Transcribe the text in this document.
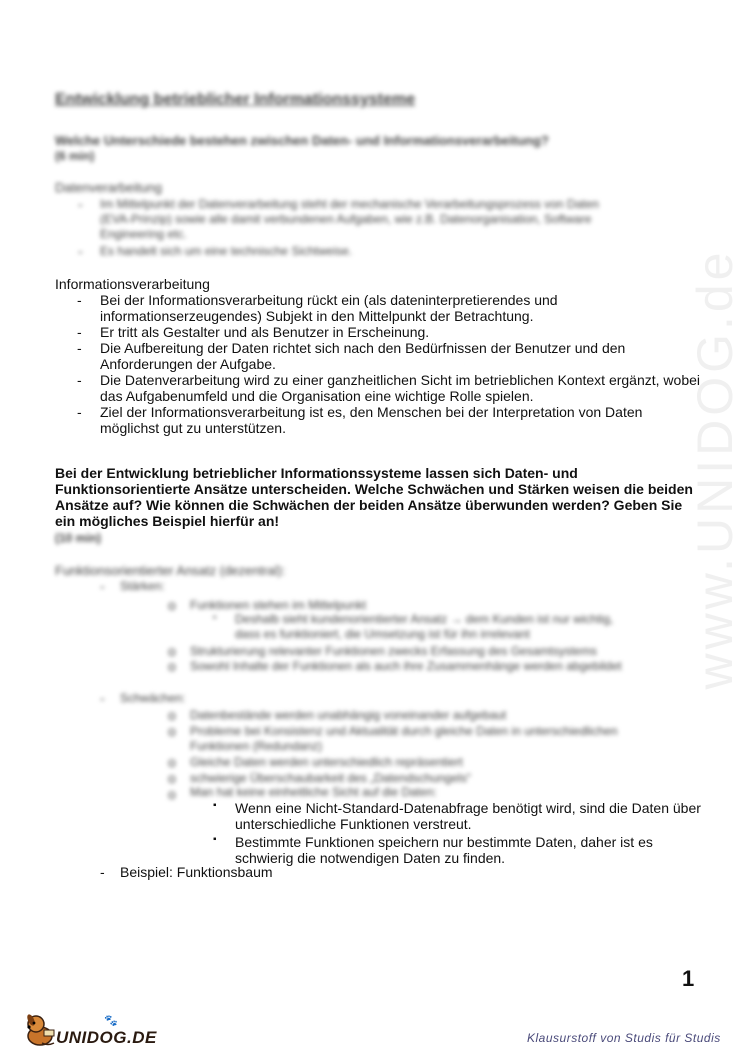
www.UNIDOG.de
Entwicklung betrieblicher Informationssysteme
Welche Unterschiede bestehen zwischen Daten- und Informationsverarbeitung?
(6 min)
Datenverarbeitung
- Im Mittelpunkt der Datenverarbeitung steht der mechanische Verarbeitungsprozess von Daten
(EVA-Prinzip) sowie alle damit verbundenen Aufgaben, wie z.B. Datenorganisation, Software
Engineering etc.
- Es handelt sich um eine technische Sichtweise.
Informationsverarbeitung
- Bei der Informationsverarbeitung rückt ein (als dateninterpretierendes und
informationserzeugendes) Subjekt in den Mittelpunkt der Betrachtung.
- Er tritt als Gestalter und als Benutzer in Erscheinung.
- Die Aufbereitung der Daten richtet sich nach den Bedürfnissen der Benutzer und den
Anforderungen der Aufgabe.
- Die Datenverarbeitung wird zu einer ganzheitlichen Sicht im betrieblichen Kontext ergänzt, wobei
das Aufgabenumfeld und die Organisation eine wichtige Rolle spielen.
- Ziel der Informationsverarbeitung ist es, den Menschen bei der Interpretation von Daten
möglichst gut zu unterstützen.
Bei der Entwicklung betrieblicher Informationssysteme lassen sich Daten- und
Funktionsorientierte Ansätze unterscheiden. Welche Schwächen und Stärken weisen die beiden
Ansätze auf? Wie können die Schwächen der beiden Ansätze überwunden werden? Geben Sie
ein mögliches Beispiel hierfür an!
(10 min)
Funktionsorientierter Ansatz (dezentral):
- Stärken:
o Funktionen stehen im Mittelpunkt
▪ Deshalb sieht kundenorientierter Ansatz → dem Kunden ist nur wichtig,
dass es funktioniert, die Umsetzung ist für ihn irrelevant
o Strukturierung relevanter Funktionen zwecks Erfassung des Gesamtsystems
o Sowohl Inhalte der Funktionen als auch ihre Zusammenhänge werden abgebildet
- Schwächen:
o Datenbestände werden unabhängig voneinander aufgebaut
o Probleme bei Konsistenz und Aktualität durch gleiche Daten in unterschiedlichen
Funktionen (Redundanz)
o Gleiche Daten werden unterschiedlich repräsentiert
o schwierige Überschaubarkeit des „Datendschungels“
o Man hat keine einheitliche Sicht auf die Daten:
▪ Wenn eine Nicht-Standard-Datenabfrage benötigt wird, sind die Daten über
unterschiedliche Funktionen verstreut.
▪ Bestimmte Funktionen speichern nur bestimmte Daten, daher ist es
schwierig die notwendigen Daten zu finden.
- Beispiel: Funktionsbaum
1
UNIDOG.DE
🐾
Klausurstoff von Studis für Studis
